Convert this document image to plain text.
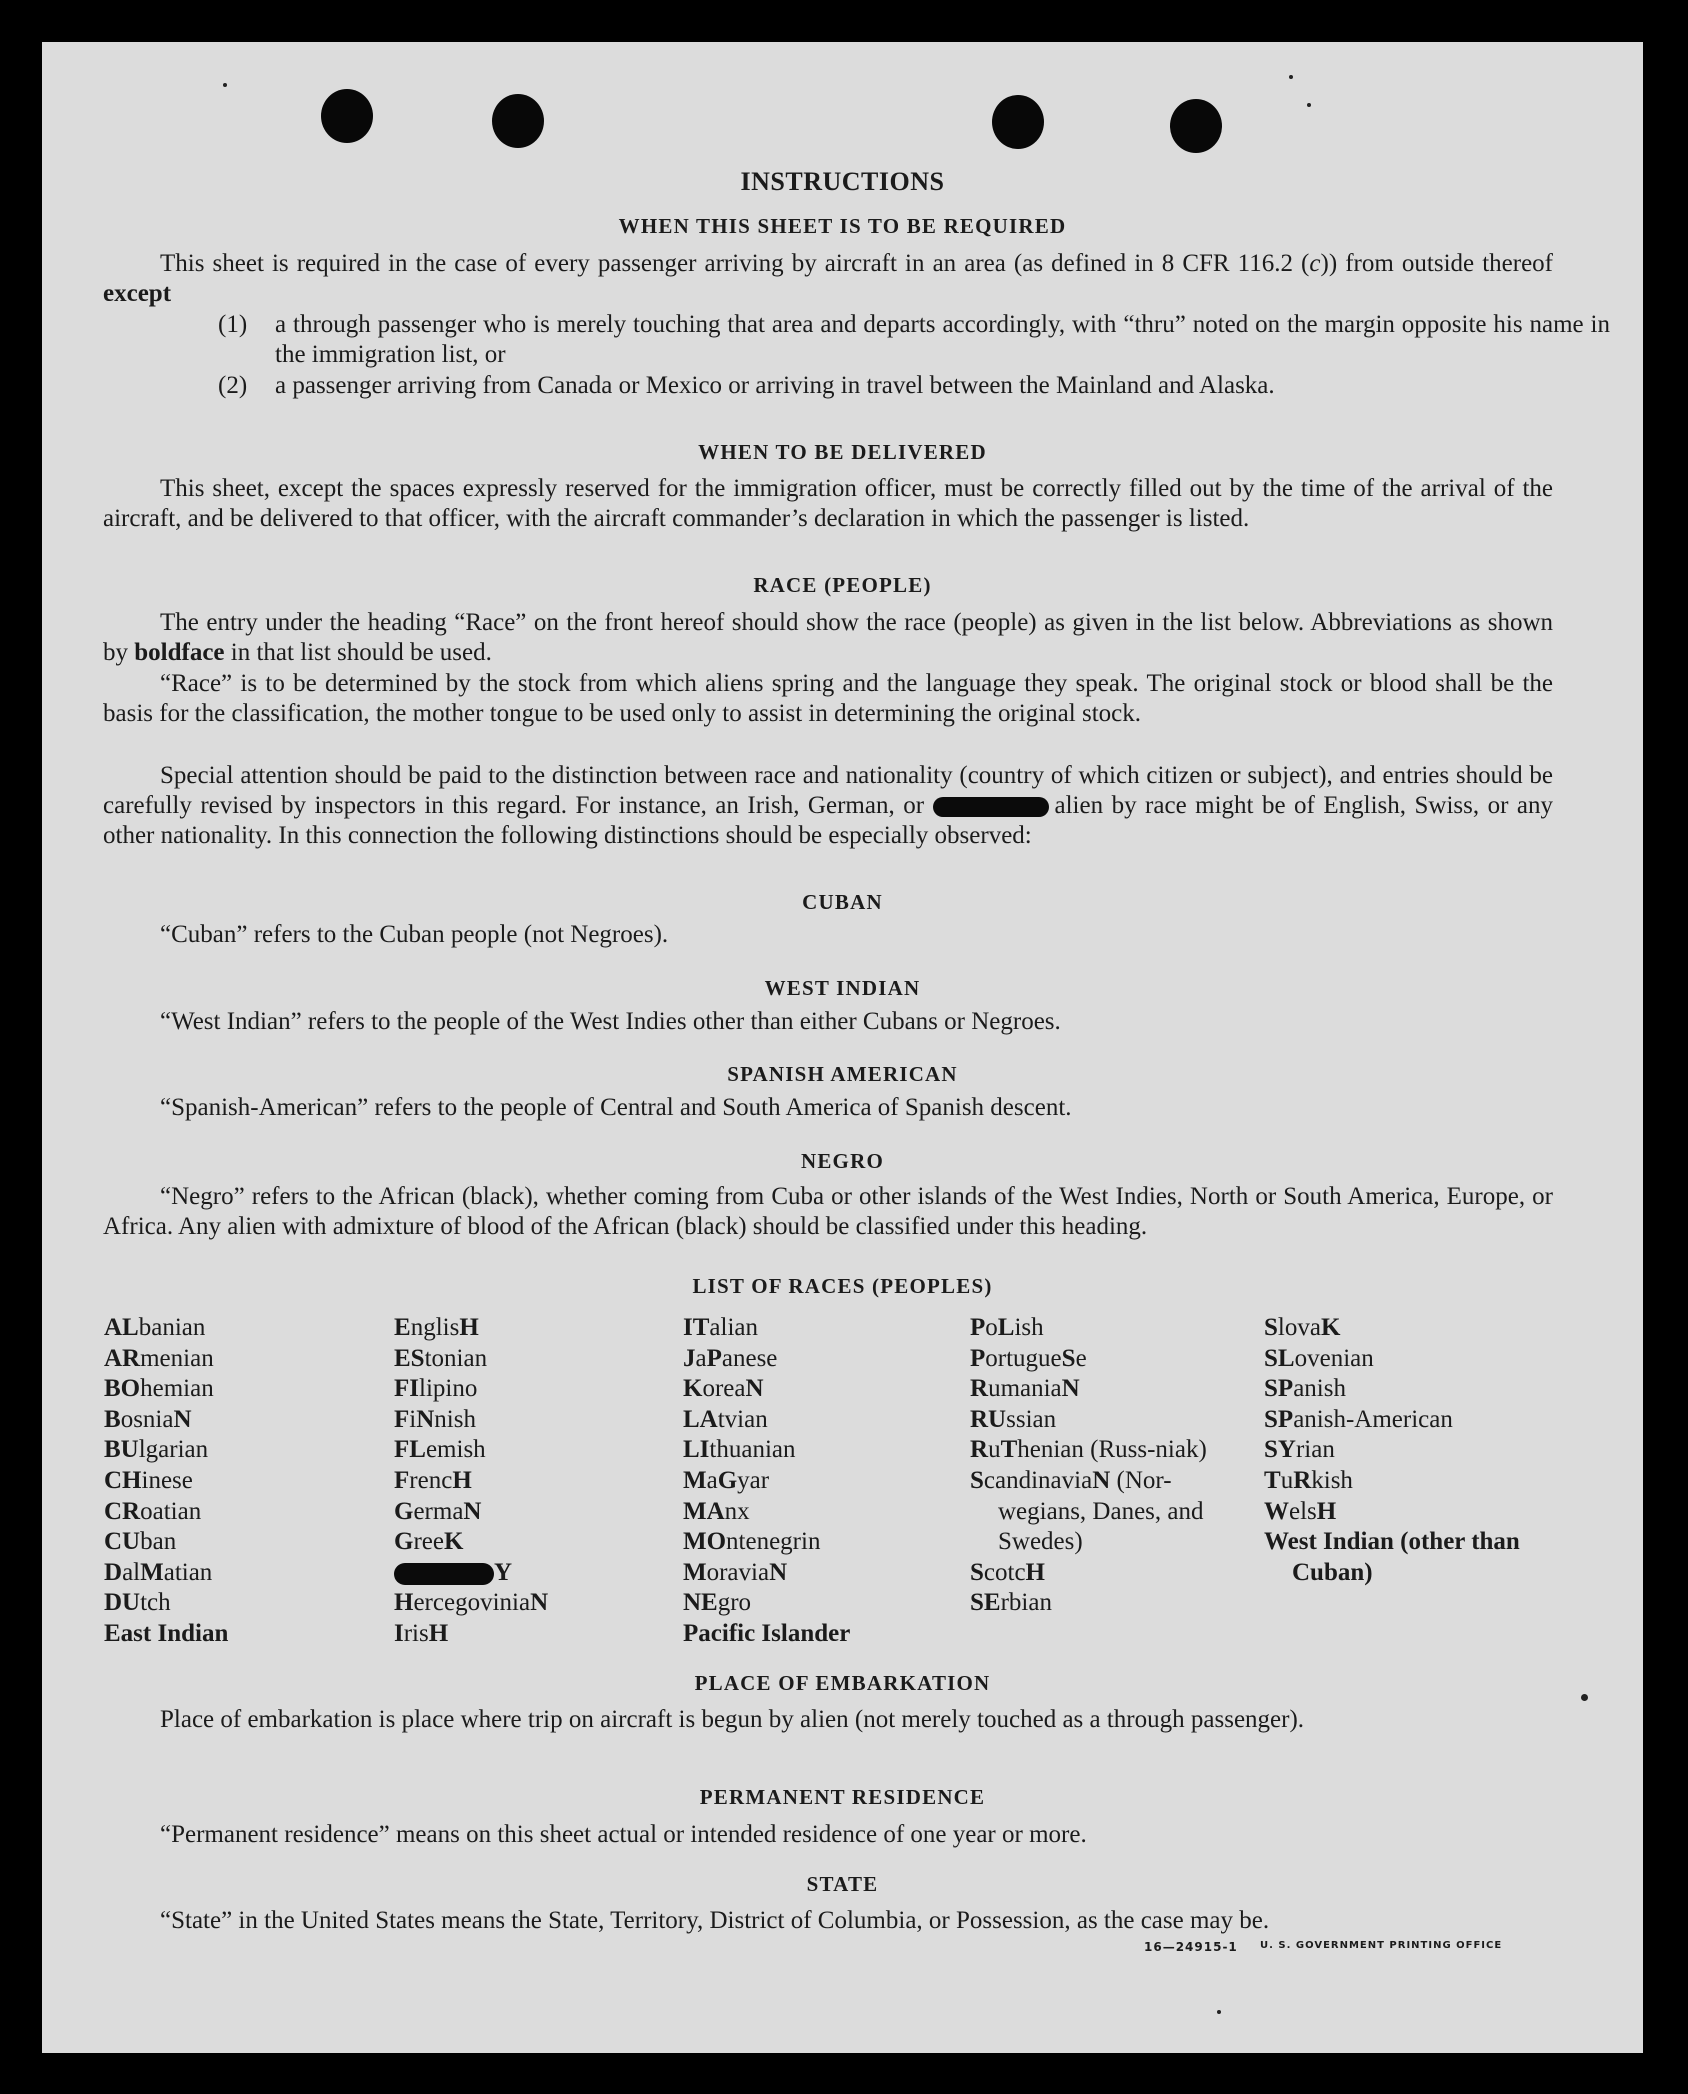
INSTRUCTIONS
WHEN THIS SHEET IS TO BE REQUIRED

This sheet is required in the case of every passenger arriving by aircraft in an area (as defined in 8 CFR 116.2 (c)) from outside thereof except

(1) a through passenger who is merely touching that area and departs accordingly, with “thru” noted on the margin opposite his name in the immigration list, or

(2) a passenger arriving from Canada or Mexico or arriving in travel between the Mainland and Alaska.

WHEN TO BE DELIVERED

This sheet, except the spaces expressly reserved for the immigration officer, must be correctly filled out by the time of the arrival of the aircraft, and be delivered to that officer, with the aircraft commander’s declaration in which the passenger is listed.

RACE (PEOPLE)

The entry under the heading “Race” on the front hereof should show the race (people) as given in the list below. Abbreviations as shown by boldface in that list should be used.

“Race” is to be determined by the stock from which aliens spring and the language they speak. The original stock or blood shall be the basis for the classification, the mother tongue to be used only to assist in determining the original stock.

Special attention should be paid to the distinction between race and nationality (country of which citizen or subject), and entries should be carefully revised by inspectors in this regard. For instance, an Irish, German, or	alien by race might be of English, Swiss, or any other nationality. In this connection the following distinctions should be especially observed:

CUBAN

“Cuban” refers to the Cuban people (not Negroes).

WEST INDIAN

“West Indian” refers to the people of the West Indies other than either Cubans or Negroes.

SPANISH AMERICAN

“Spanish-American” refers to the people of Central and South America of Spanish descent.

NEGRO

“Negro” refers to the African (black), whether coming from Cuba or other islands of the West Indies, North or South America, Europe, or Africa. Any alien with admixture of blood of the African (black) should be classified under this heading.

LIST OF RACES (PEOPLES)
ALbanian
ARmenian
BOhemian
BosniaN
BUlgarian
CHinese
CRoatian
CUban
DalMatian
DUtch
East Indian
EnglisH
EStonian
FIlipino
FiNnish
FLemish
FrencH
GermaN
GreeK
Y
HercegoviniaN
IrisH
ITalian
JaPanese
KoreaN
LAtvian
LIthuanian
MaGyar
MAnx
MOntenegrin
MoraviaN
NEgro
Pacific Islander
PoLish
PortugueSe
RumaniaN
RUssian
RuThenian (Russ-niak)
ScandinaviaN (Nor-wegians, Danes, and Swedes)
ScotcH
SErbian
SlovaK
SLovenian
SPanish
SPanish-American
SYrian
TuRkish
WelsH
West Indian (other than Cuban)
PLACE OF EMBARKATION

Place of embarkation is place where trip on aircraft is begun by alien (not merely touched as a through passenger).

PERMANENT RESIDENCE

“Permanent residence” means on this sheet actual or intended residence of one year or more.

STATE

“State” in the United States means the State, Territory, District of Columbia, or Possession, as the case may be.

16—24915-1 U. S. GOVERNMENT PRINTING OFFICE
